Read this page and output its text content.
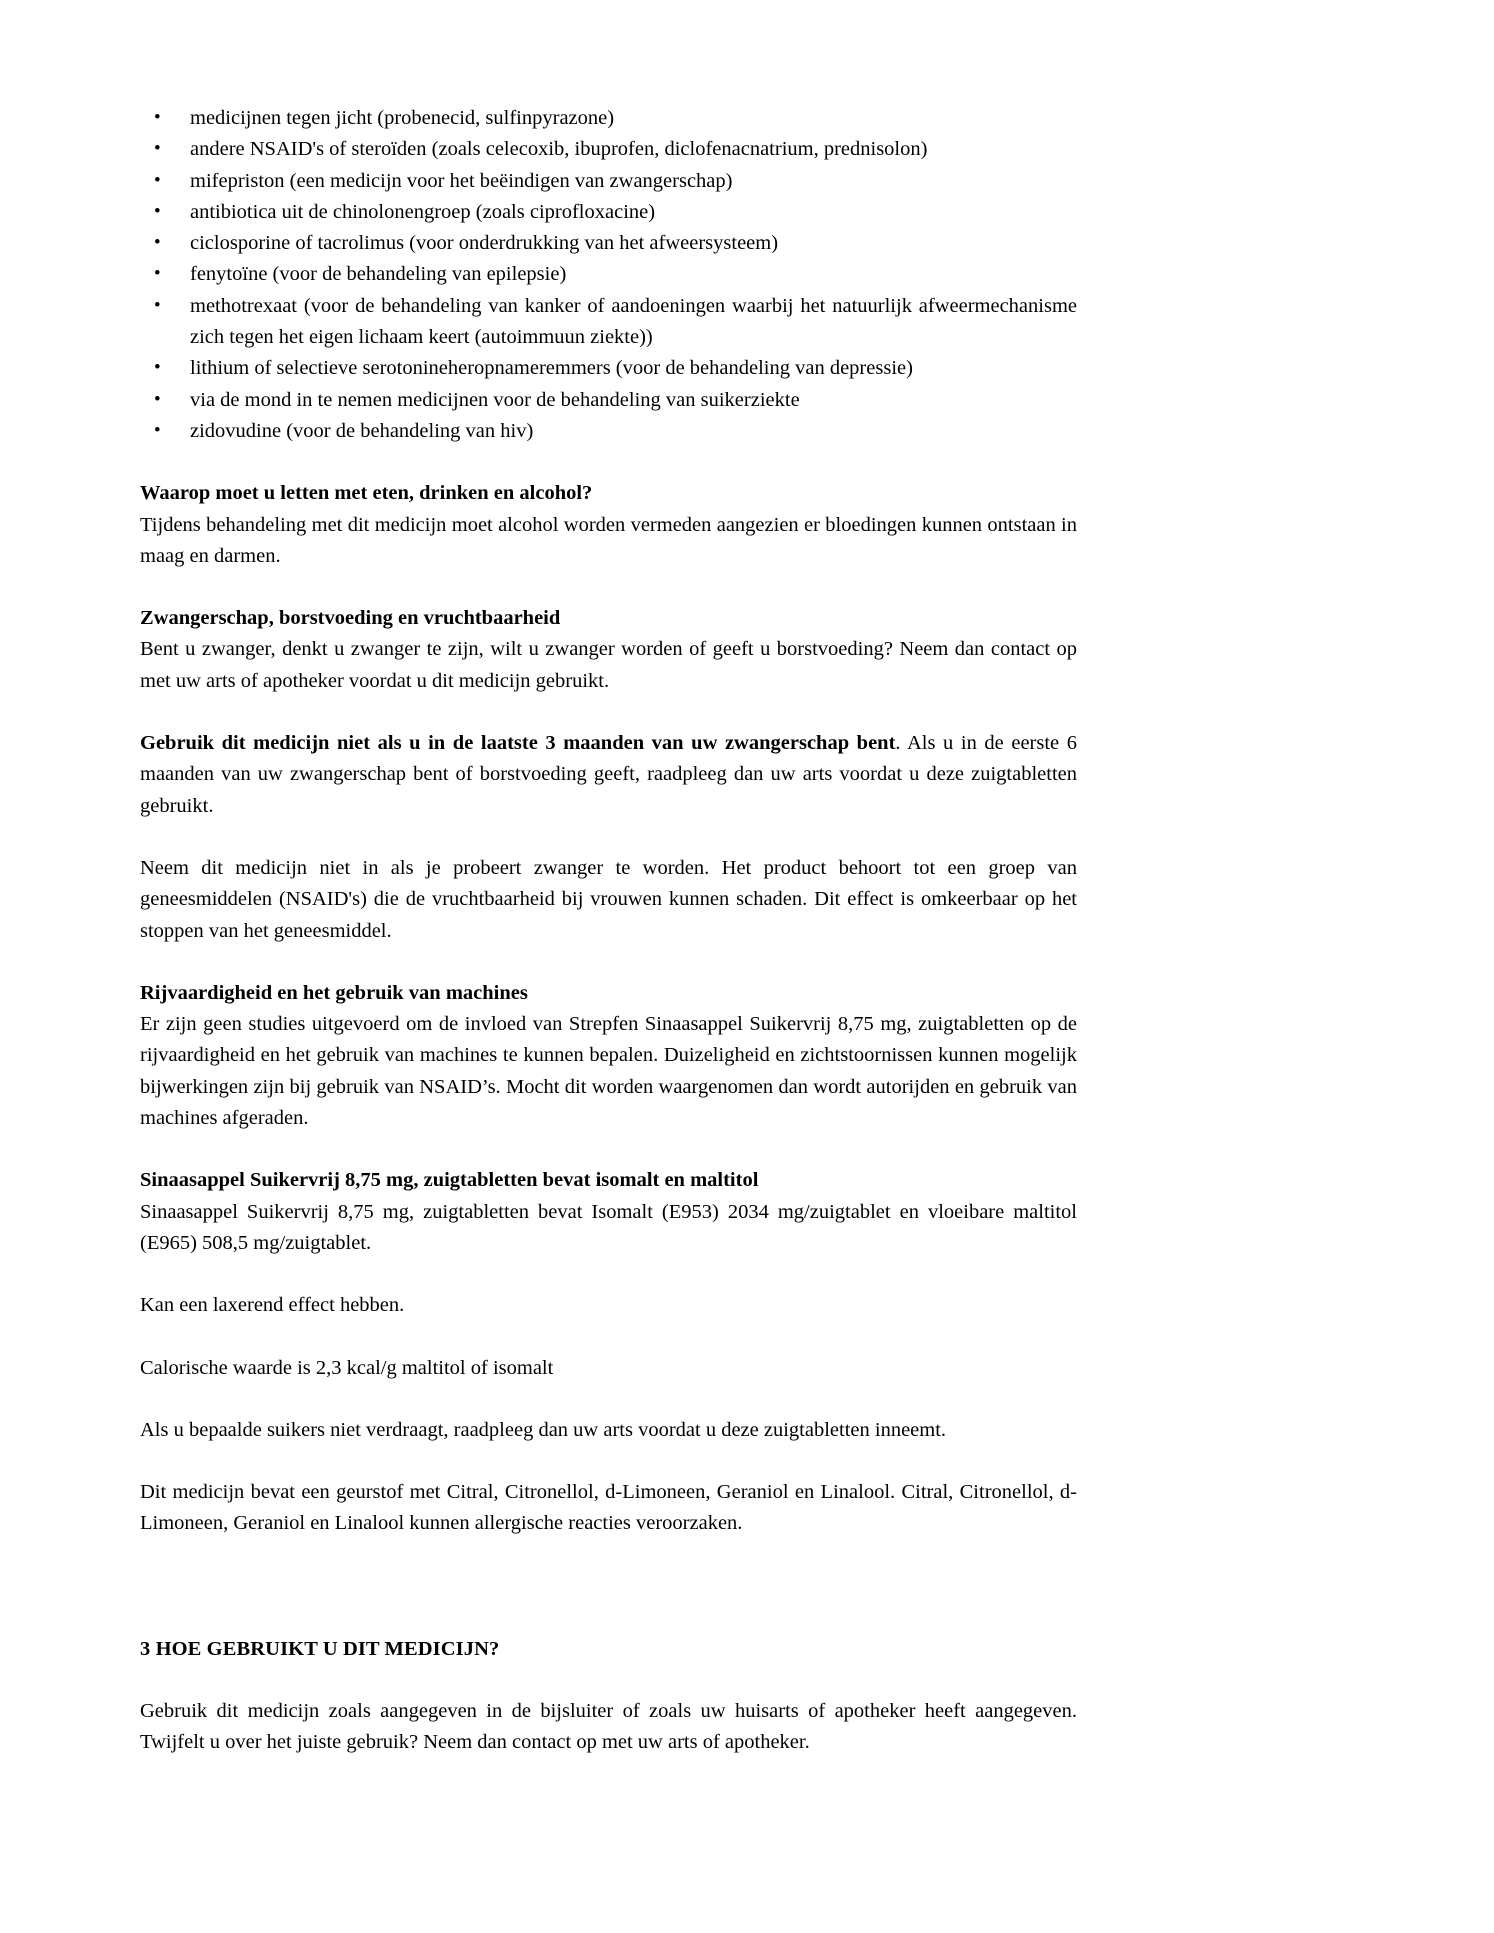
• medicijnen tegen jicht (probenecid, sulfinpyrazone)
• andere NSAID's of steroïden (zoals celecoxib, ibuprofen, diclofenacnatrium, prednisolon)
• mifepriston (een medicijn voor het beëindigen van zwangerschap)
• antibiotica uit de chinolonengroep (zoals ciprofloxacine)
• ciclosporine of tacrolimus (voor onderdrukking van het afweersysteem)
• fenytoïne (voor de behandeling van epilepsie)
• methotrexaat (voor de behandeling van kanker of aandoeningen waarbij het natuurlijk afweermechanisme zich tegen het eigen lichaam keert (autoimmuun ziekte))
• lithium of selectieve serotonineheropnameremmers (voor de behandeling van depressie)
• via de mond in te nemen medicijnen voor de behandeling van suikerziekte
• zidovudine (voor de behandeling van hiv)

Waarop moet u letten met eten, drinken en alcohol?

Tijdens behandeling met dit medicijn moet alcohol worden vermeden aangezien er bloedingen kunnen ontstaan in maag en darmen.

Zwangerschap, borstvoeding en vruchtbaarheid

Bent u zwanger, denkt u zwanger te zijn, wilt u zwanger worden of geeft u borstvoeding? Neem dan contact op met uw arts of apotheker voordat u dit medicijn gebruikt.

Gebruik dit medicijn niet als u in de laatste 3 maanden van uw zwangerschap bent. Als u in de eerste 6 maanden van uw zwangerschap bent of borstvoeding geeft, raadpleeg dan uw arts voordat u deze zuigtabletten gebruikt.

Neem dit medicijn niet in als je probeert zwanger te worden. Het product behoort tot een groep van geneesmiddelen (NSAID's) die de vruchtbaarheid bij vrouwen kunnen schaden. Dit effect is omkeerbaar op het stoppen van het geneesmiddel.

Rijvaardigheid en het gebruik van machines

Er zijn geen studies uitgevoerd om de invloed van Strepfen Sinaasappel Suikervrij 8,75 mg, zuigtabletten op de rijvaardigheid en het gebruik van machines te kunnen bepalen. Duizeligheid en zichtstoornissen kunnen mogelijk bijwerkingen zijn bij gebruik van NSAID’s. Mocht dit worden waargenomen dan wordt autorijden en gebruik van machines afgeraden.

Sinaasappel Suikervrij 8,75 mg, zuigtabletten bevat isomalt en maltitol

Sinaasappel Suikervrij 8,75 mg, zuigtabletten bevat Isomalt (E953) 2034 mg/zuigtablet en vloeibare maltitol (E965) 508,5 mg/zuigtablet.

Kan een laxerend effect hebben.

Calorische waarde is 2,3 kcal/g maltitol of isomalt

Als u bepaalde suikers niet verdraagt, raadpleeg dan uw arts voordat u deze zuigtabletten inneemt.

Dit medicijn bevat een geurstof met Citral, Citronellol, d-Limoneen, Geraniol en Linalool. Citral, Citronellol, d-Limoneen, Geraniol en Linalool kunnen allergische reacties veroorzaken.

3 HOE GEBRUIKT U DIT MEDICIJN?

Gebruik dit medicijn zoals aangegeven in de bijsluiter of zoals uw huisarts of apotheker heeft aangegeven. Twijfelt u over het juiste gebruik? Neem dan contact op met uw arts of apotheker.
